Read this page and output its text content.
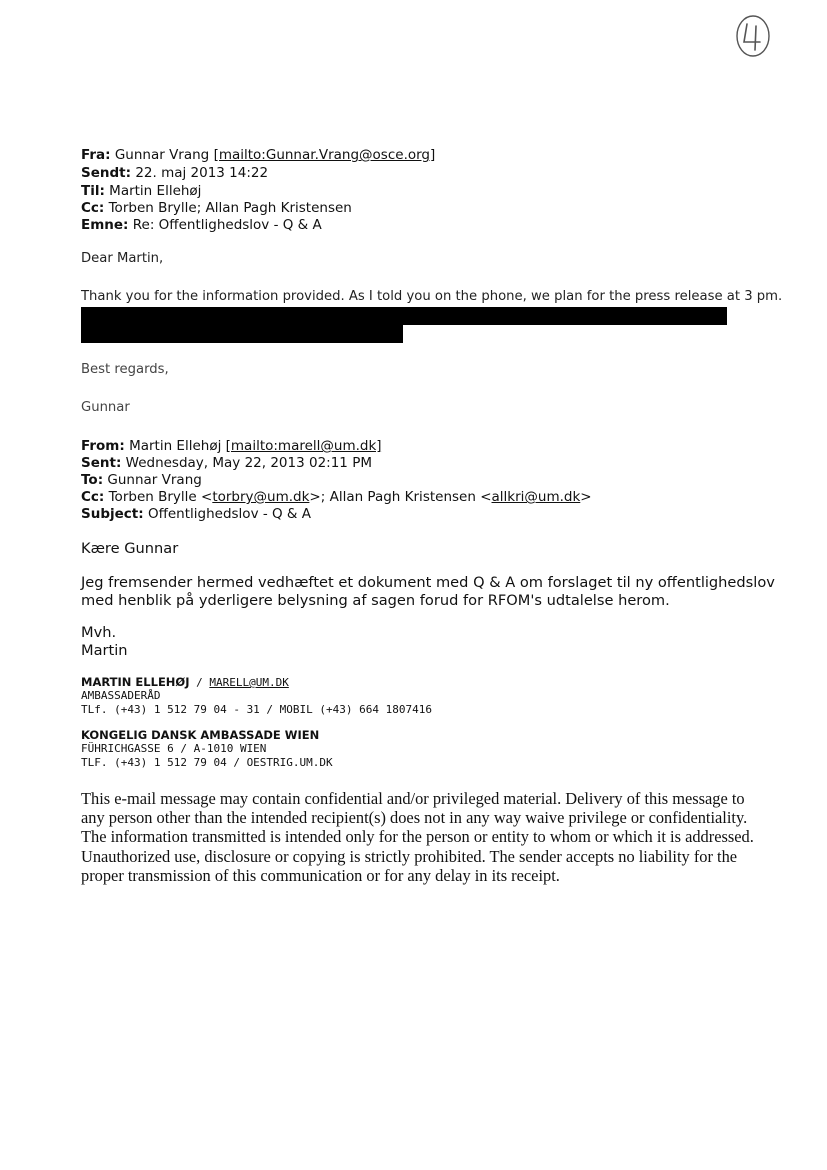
Fra: Gunnar Vrang [mailto:Gunnar.Vrang@osce.org]
Sendt: 22. maj 2013 14:22
Til: Martin Ellehøj
Cc: Torben Brylle; Allan Pagh Kristensen
Emne: Re: Offentlighedslov - Q & A
Dear Martin,
Thank you for the information provided. As I told you on the phone, we plan for the press release at 3 pm.
Best regards,
Gunnar
From: Martin Ellehøj [mailto:marell@um.dk]
Sent: Wednesday, May 22, 2013 02:11 PM
To: Gunnar Vrang
Cc: Torben Brylle <torbry@um.dk>; Allan Pagh Kristensen <allkri@um.dk>
Subject: Offentlighedslov - Q & A
Kære Gunnar
Jeg fremsender hermed vedhæftet et dokument med Q & A om forslaget til ny offentlighedslov
med henblik på yderligere belysning af sagen forud for RFOM's udtalelse herom.
Mvh.
Martin
MARTIN ELLEHØJ / MARELL@UM.DK
AMBASSADERÅD
TLf. (+43) 1 512 79 04 - 31 / MOBIL (+43) 664 1807416
KONGELIG DANSK AMBASSADE WIEN
FÜHRICHGASSE 6 / A-1010 WIEN
TLF. (+43) 1 512 79 04 / OESTRIG.UM.DK
This e-mail message may contain confidential and/or privileged material. Delivery of this message to any person other than the intended recipient(s) does not in any way waive privilege or confidentiality. The information transmitted is intended only for the person or entity to whom or which it is addressed. Unauthorized use, disclosure or copying is strictly prohibited. The sender accepts no liability for the proper transmission of this communication or for any delay in its receipt.
